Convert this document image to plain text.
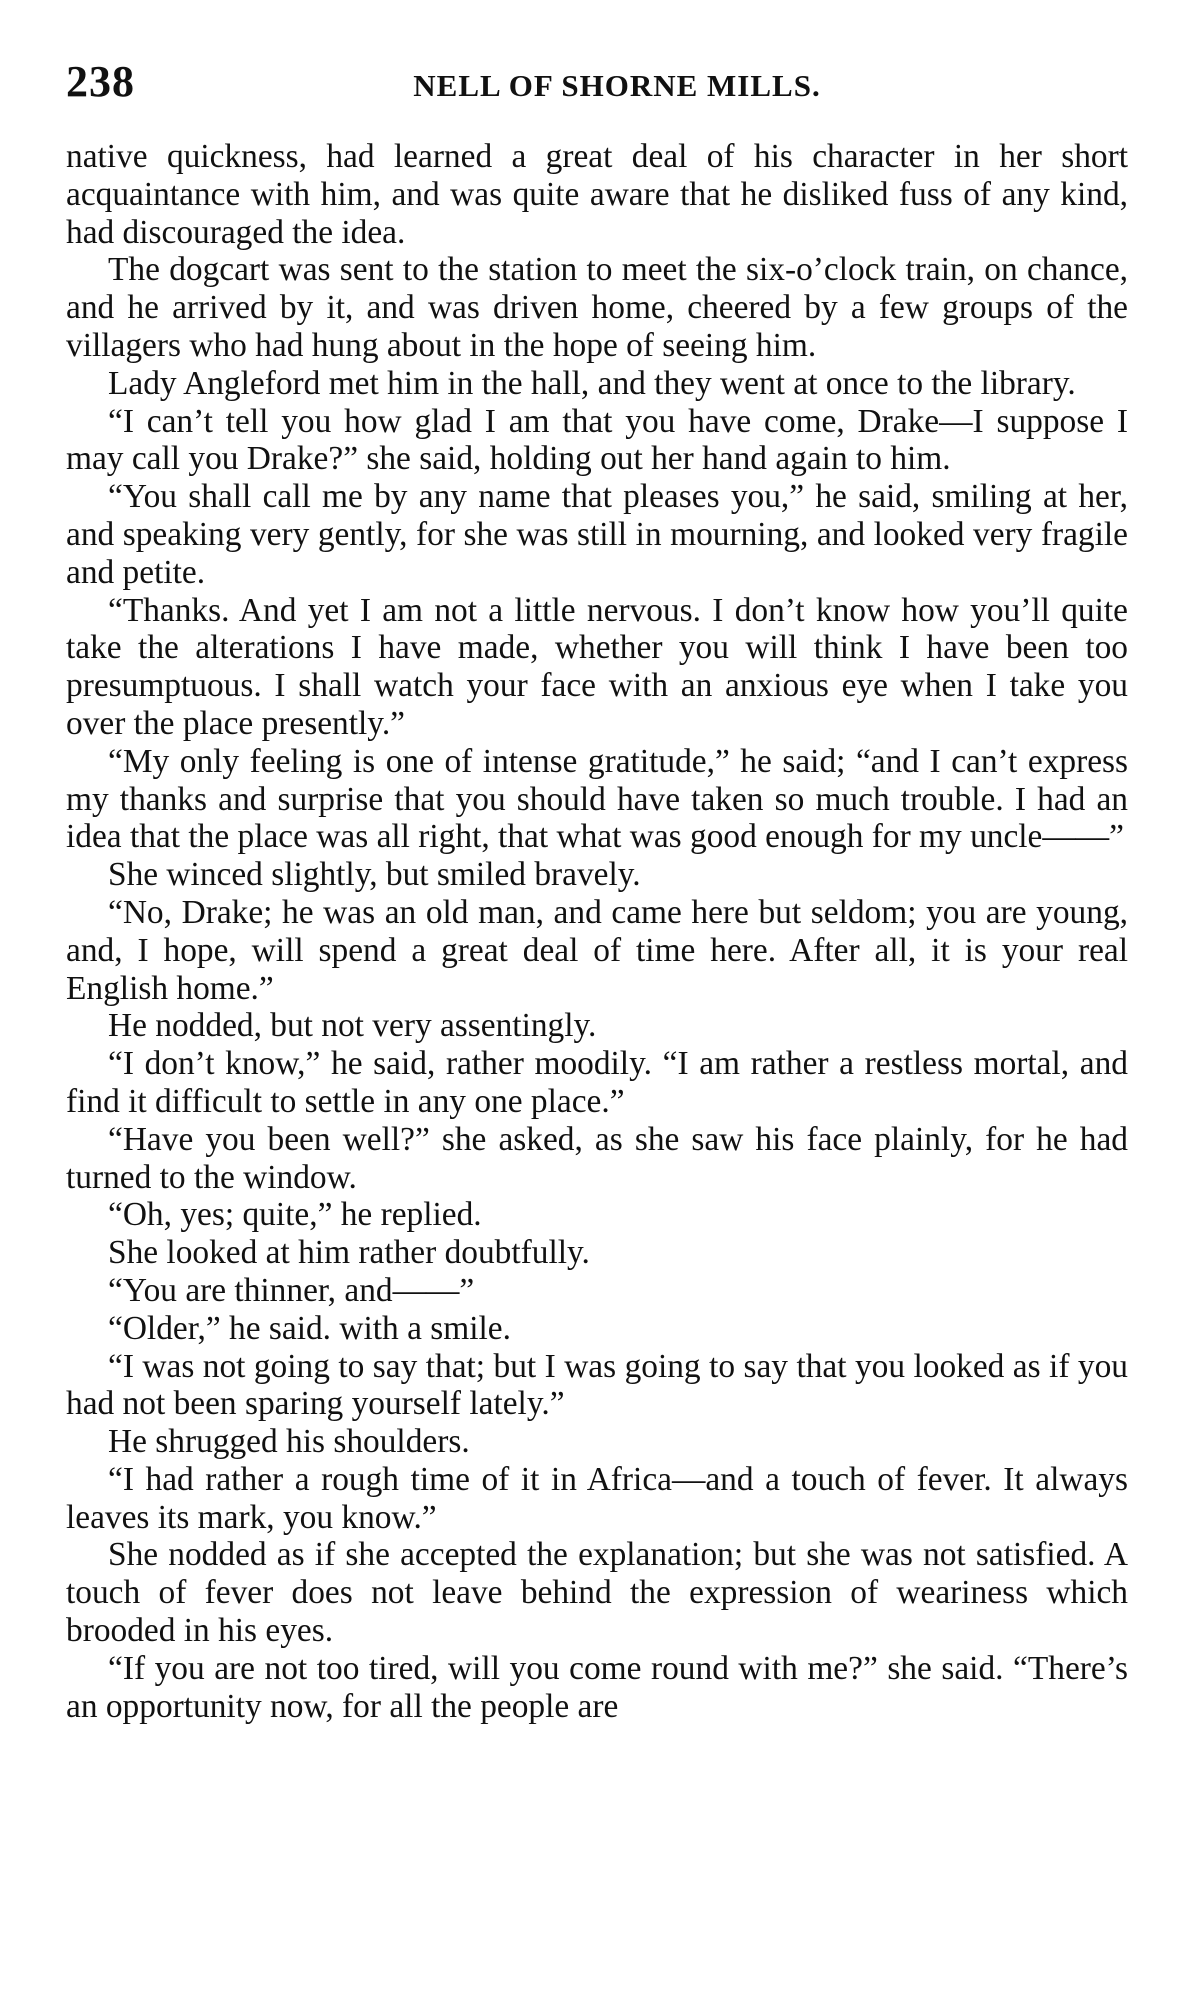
238	NELL OF SHORNE MILLS.

native quickness, had learned a great deal of his character in her short acquaintance with him, and was quite aware that he disliked fuss of any kind, had discouraged the idea.

The dogcart was sent to the station to meet the six-o’clock train, on chance, and he arrived by it, and was driven home, cheered by a few groups of the villagers who had hung about in the hope of seeing him.

Lady Angleford met him in the hall, and they went at once to the library.

“I can’t tell you how glad I am that you have come, Drake—I suppose I may call you Drake?” she said, holding out her hand again to him.

“You shall call me by any name that pleases you,” he said, smiling at her, and speaking very gently, for she was still in mourning, and looked very fragile and petite.

“Thanks. And yet I am not a little nervous. I don’t know how you’ll quite take the alterations I have made, whether you will think I have been too presumptuous. I shall watch your face with an anxious eye when I take you over the place presently.”

“My only feeling is one of intense gratitude,” he said; “and I can’t express my thanks and surprise that you should have taken so much trouble. I had an idea that the place was all right, that what was good enough for my uncle——”

She winced slightly, but smiled bravely.

“No, Drake; he was an old man, and came here but seldom; you are young, and, I hope, will spend a great deal of time here. After all, it is your real English home.”

He nodded, but not very assentingly.

“I don’t know,” he said, rather moodily. “I am rather a restless mortal, and find it difficult to settle in any one place.”

“Have you been well?” she asked, as she saw his face plainly, for he had turned to the window.

“Oh, yes; quite,” he replied.

She looked at him rather doubtfully.

“You are thinner, and——”

“Older,” he said. with a smile.

“I was not going to say that; but I was going to say that you looked as if you had not been sparing yourself lately.”

He shrugged his shoulders.

“I had rather a rough time of it in Africa—and a touch of fever. It always leaves its mark, you know.”

She nodded as if she accepted the explanation; but she was not satisfied. A touch of fever does not leave behind the expression of weariness which brooded in his eyes.

“If you are not too tired, will you come round with me?” she said. “There’s an opportunity now, for all the people are
